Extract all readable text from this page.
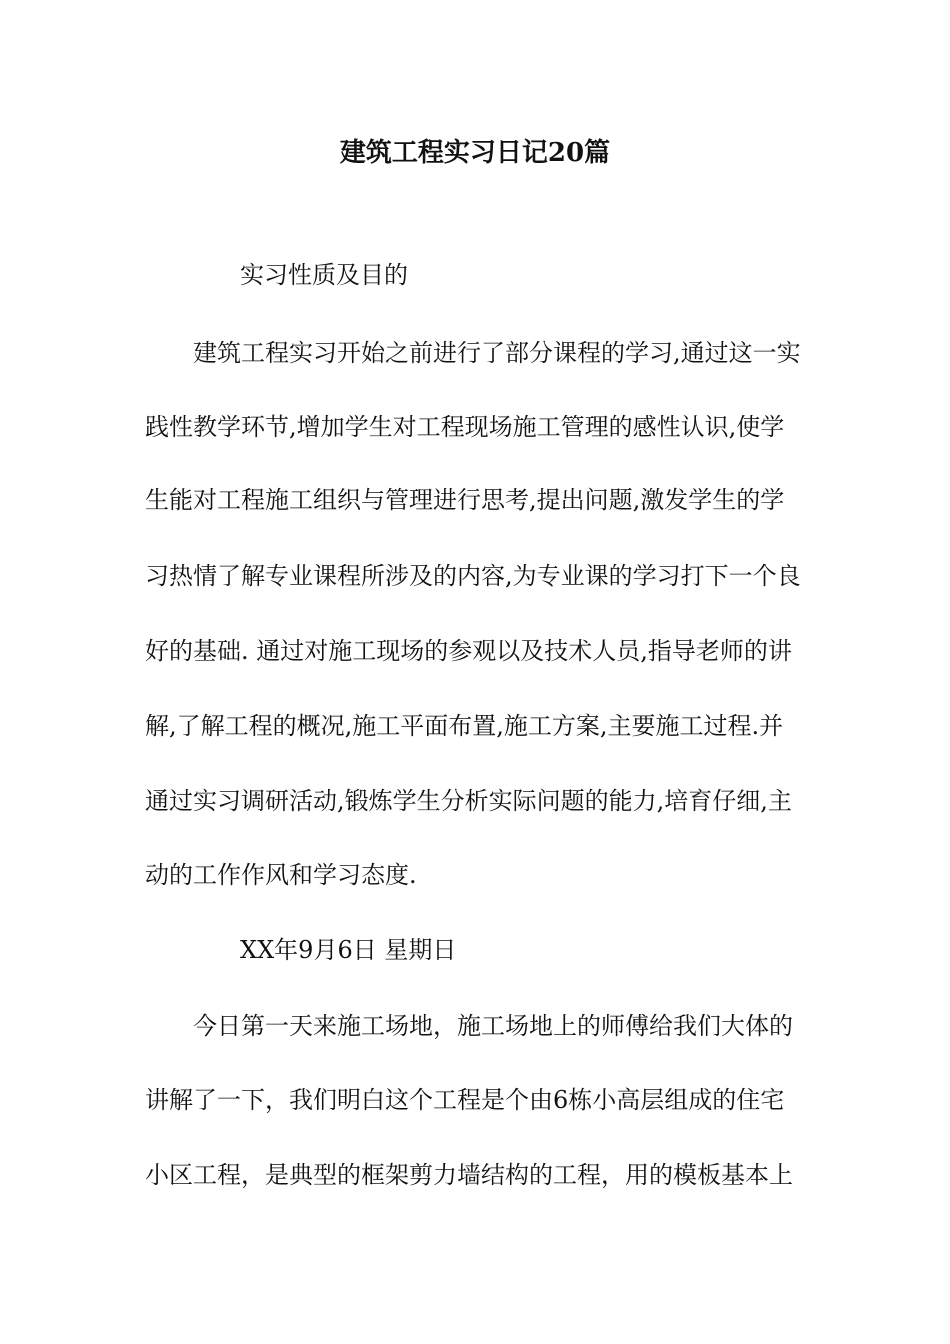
建筑工程实习日记20篇
实习性质及目的
建筑工程实习开始之前进行了部分课程的学习,通过这一实
践性教学环节,增加学生对工程现场施工管理的感性认识,使学
生能对工程施工组织与管理进行思考,提出问题,激发学生的学
习热情了解专业课程所涉及的内容,为专业课的学习打下一个良
好的基础. 通过对施工现场的参观以及技术人员,指导老师的讲
解,了解工程的概况,施工平面布置,施工方案,主要施工过程.并
通过实习调研活动,锻炼学生分析实际问题的能力,培育仔细,主
动的工作作风和学习态度.
XX年9月6日 星期日
今日第一天来施工场地，施工场地上的师傅给我们大体的
讲解了一下，我们明白这个工程是个由6栋小高层组成的住宅
小区工程，是典型的框架剪力墙结构的工程，用的模板基本上
